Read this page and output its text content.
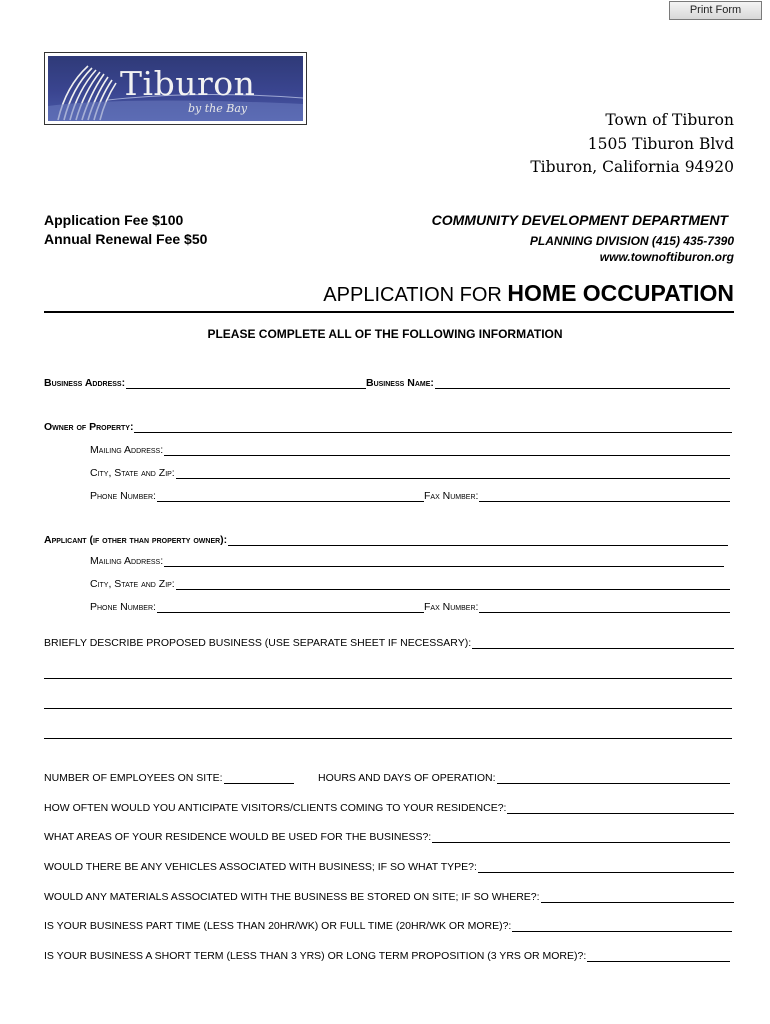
Print Form
Tiburon
by the Bay
Town of Tiburon
1505 Tiburon Blvd
Tiburon, California 94920
Application Fee $100
Annual Renewal Fee $50
COMMUNITY DEVELOPMENT DEPARTMENT
PLANNING DIVISION (415) 435-7390
www.townoftiburon.org
APPLICATION FOR HOME OCCUPATION
PLEASE COMPLETE ALL OF THE FOLLOWING INFORMATION
Business Address:	Business Name:
Owner of Property:
Mailing Address:
City, State and Zip:
Phone Number:	Fax Number:
Applicant (if other than property owner):
Mailing Address:
City, State and Zip:
Phone Number:	Fax Number:
BRIEFLY DESCRIBE PROPOSED BUSINESS (USE SEPARATE SHEET IF NECESSARY):
NUMBER OF EMPLOYEES ON SITE:	HOURS AND DAYS OF OPERATION:
HOW OFTEN WOULD YOU ANTICIPATE VISITORS/CLIENTS COMING TO YOUR RESIDENCE?:
WHAT AREAS OF YOUR RESIDENCE WOULD BE USED FOR THE BUSINESS?:
WOULD THERE BE ANY VEHICLES ASSOCIATED WITH BUSINESS; IF SO WHAT TYPE?:
WOULD ANY MATERIALS ASSOCIATED WITH THE BUSINESS BE STORED ON SITE; IF SO WHERE?:
IS YOUR BUSINESS PART TIME (LESS THAN 20HR/WK) OR FULL TIME (20HR/WK OR MORE)?:
IS YOUR BUSINESS A SHORT TERM (LESS THAN 3 YRS) OR LONG TERM PROPOSITION (3 YRS OR MORE)?:
